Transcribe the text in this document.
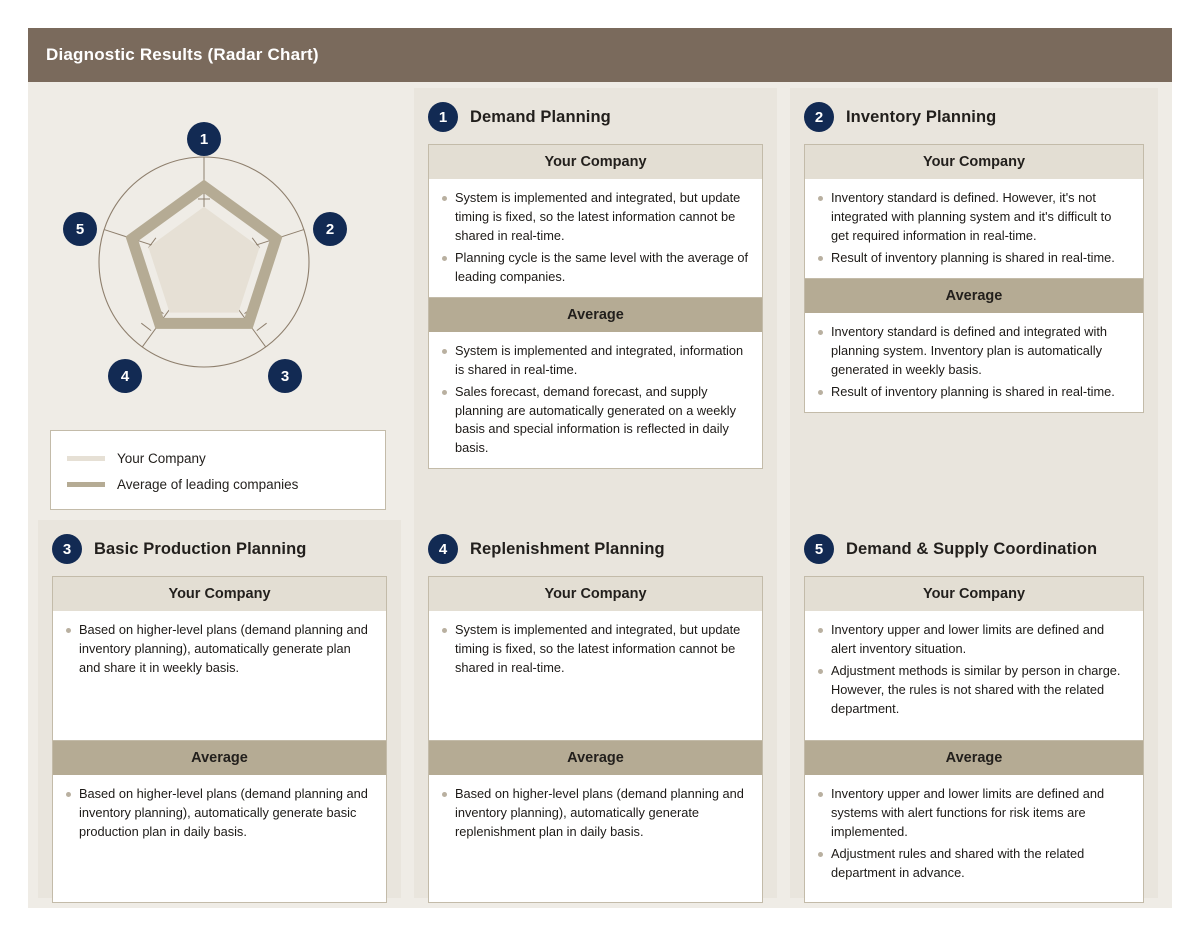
Diagnostic Results (Radar Chart)
1
2
3
4
5
Your Company
Average of leading companies
1	Demand Planning
Your Company
System is implemented and integrated, but update timing is fixed, so the latest information cannot be shared in real-time.
Planning cycle is the same level with the average of leading companies.
Average
System is implemented and integrated, information is shared in real-time.
Sales forecast, demand forecast, and supply planning are automatically generated on a weekly basis and special information is reflected in daily basis.
2	Inventory Planning
Your Company
Inventory standard is defined. However, it's not integrated with planning system and it's difficult to get required information in real-time.
Result of inventory planning is shared in real-time.
Average
Inventory standard is defined and integrated with planning system. Inventory plan is automatically generated in weekly basis.
Result of inventory planning is shared in real-time.
3	Basic Production Planning
Your Company
Based on higher-level plans (demand planning and inventory planning), automatically generate plan and share it in weekly basis.
Average
Based on higher-level plans (demand planning and inventory planning), automatically generate basic production plan in daily basis.
4	Replenishment Planning
Your Company
System is implemented and integrated, but update timing is fixed, so the latest information cannot be shared in real-time.
Average
Based on higher-level plans (demand planning and inventory planning), automatically generate replenishment plan in daily basis.
5	Demand & Supply Coordination
Your Company
Inventory upper and lower limits are defined and alert inventory situation.
Adjustment methods is similar by person in charge. However, the rules is not shared with the related department.
Average
Inventory upper and lower limits are defined and systems with alert functions for risk items are implemented.
Adjustment rules and shared with the related department in advance.
